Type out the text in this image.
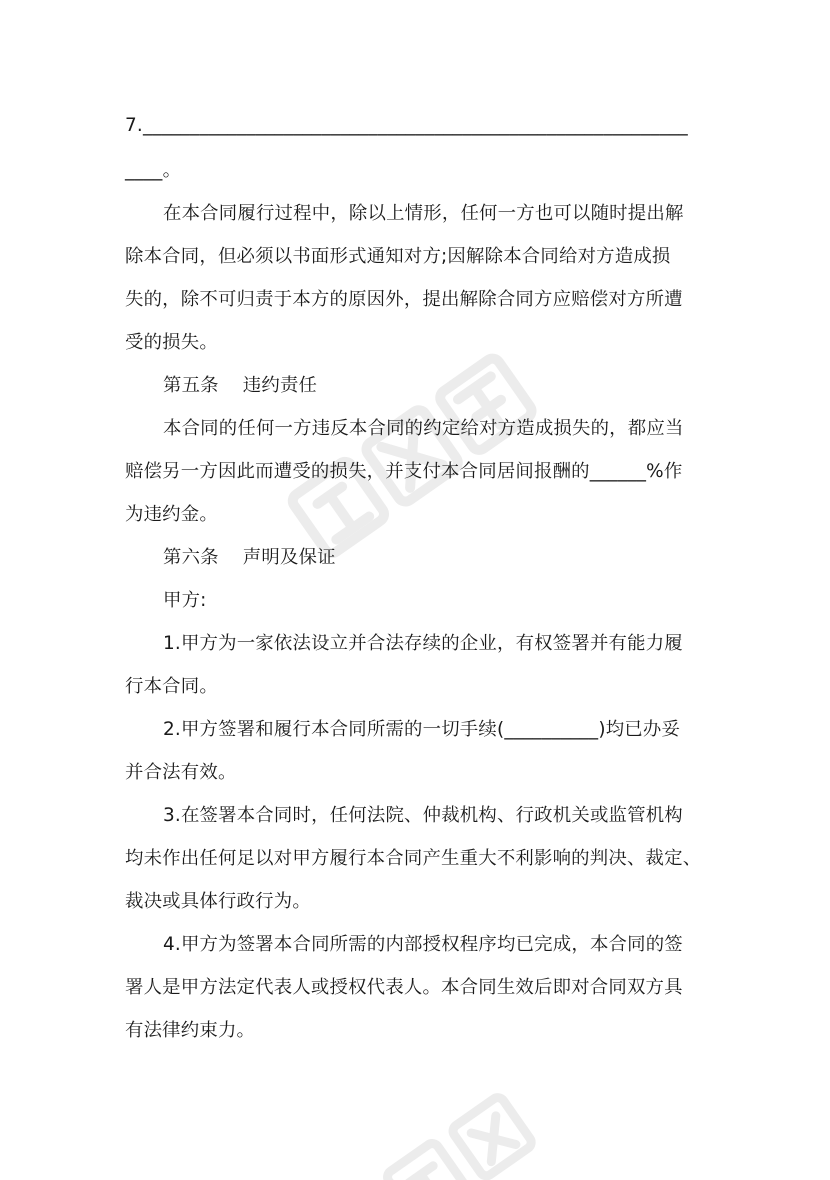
7.__________________________________________________________
____。
在本合同履行过程中，除以上情形，任何一方也可以随时提出解
除本合同，但必须以书面形式通知对方;因解除本合同给对方造成损
失的，除不可归责于本方的原因外，提出解除合同方应赔偿对方所遭
受的损失。
第五条 违约责任
本合同的任何一方违反本合同的约定给对方造成损失的，都应当
赔偿另一方因此而遭受的损失，并支付本合同居间报酬的______%作
为违约金。
第六条 声明及保证
甲方:
1.甲方为一家依法设立并合法存续的企业，有权签署并有能力履
行本合同。
2.甲方签署和履行本合同所需的一切手续(__________)均已办妥
并合法有效。
3.在签署本合同时，任何法院、仲裁机构、行政机关或监管机构
均未作出任何足以对甲方履行本合同产生重大不利影响的判决、裁定、
裁决或具体行政行为。
4.甲方为签署本合同所需的内部授权程序均已完成，本合同的签
署人是甲方法定代表人或授权代表人。本合同生效后即对合同双方具
有法律约束力。
